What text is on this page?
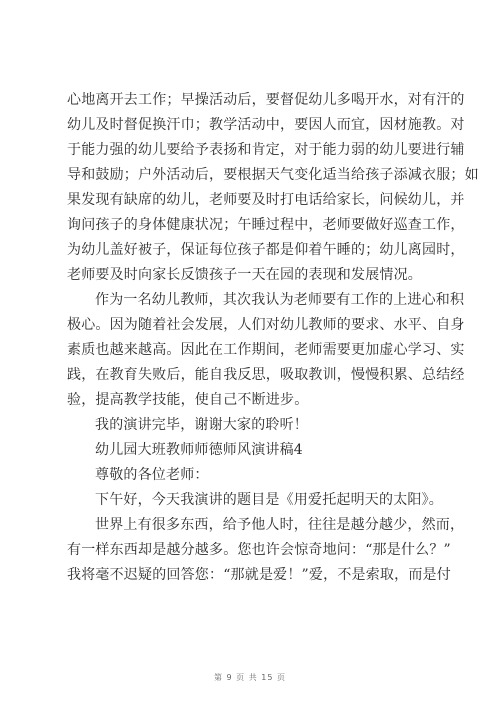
心地离开去工作；早操活动后，要督促幼儿多喝开水，对有汗的
幼儿及时督促换汗巾；教学活动中，要因人而宜，因材施教。对
于能力强的幼儿要给予表扬和肯定，对于能力弱的幼儿要进行辅
导和鼓励；户外活动后，要根据天气变化适当给孩子添减衣服；如
果发现有缺席的幼儿，老师要及时打电话给家长，问候幼儿，并
询问孩子的身体健康状况；午睡过程中，老师要做好巡查工作，
为幼儿盖好被子，保证每位孩子都是仰着午睡的；幼儿离园时，
老师要及时向家长反馈孩子一天在园的表现和发展情况。
作为一名幼儿教师，其次我认为老师要有工作的上进心和积
极心。因为随着社会发展，人们对幼儿教师的要求、水平、自身
素质也越来越高。因此在工作期间，老师需要更加虚心学习、实
践，在教育失败后，能自我反思，吸取教训，慢慢积累、总结经
验，提高教学技能，使自己不断进步。
我的演讲完毕，谢谢大家的聆听！
幼儿园大班教师师德师风演讲稿4
尊敬的各位老师：
下午好，今天我演讲的题目是《用爱托起明天的太阳》。
世界上有很多东西，给予他人时，往往是越分越少，然而，
有一样东西却是越分越多。您也许会惊奇地问：“那是什么？”
我将毫不迟疑的回答您：“那就是爱！”爱，不是索取，而是付
第 9 页 共 15 页
